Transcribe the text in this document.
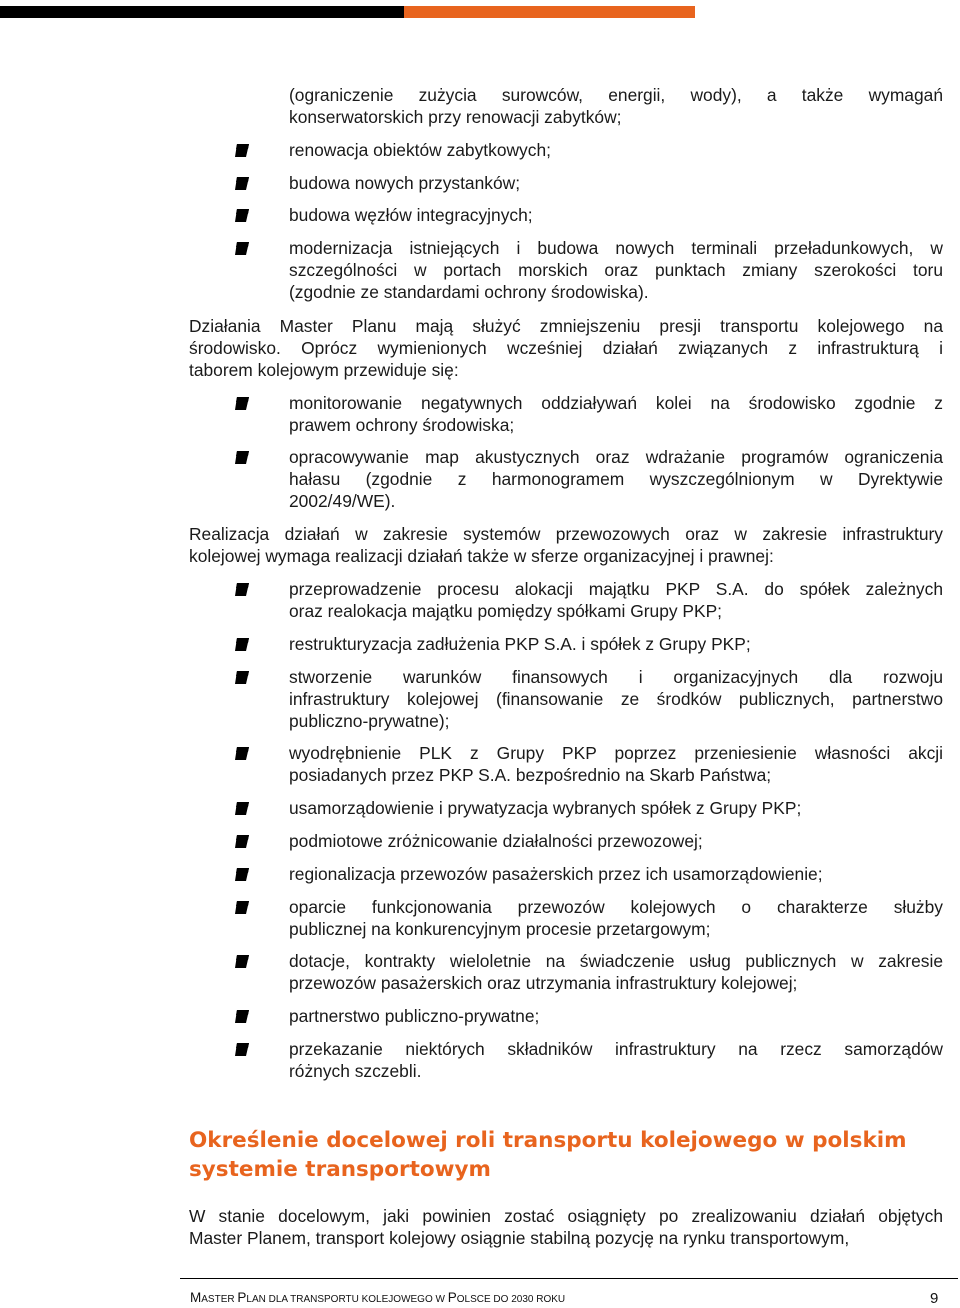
(ograniczenie zużycia surowców, energii, wody), a także wymagań
konserwatorskich przy renowacji zabytków;
renowacja obiektów zabytkowych;
budowa nowych przystanków;
budowa węzłów integracyjnych;
modernizacja istniejących i budowa nowych terminali przeładunkowych, w
szczególności w portach morskich oraz punktach zmiany szerokości toru
(zgodnie ze standardami ochrony środowiska).
Działania Master Planu mają służyć zmniejszeniu presji transportu kolejowego na
środowisko. Oprócz wymienionych wcześniej działań związanych z infrastrukturą i
taborem kolejowym przewiduje się:
monitorowanie negatywnych oddziaływań kolei na środowisko zgodnie z
prawem ochrony środowiska;
opracowywanie map akustycznych oraz wdrażanie programów ograniczenia
hałasu (zgodnie z harmonogramem wyszczególnionym w Dyrektywie
2002/49/WE).
Realizacja działań w zakresie systemów przewozowych oraz w zakresie infrastruktury
kolejowej wymaga realizacji działań także w sferze organizacyjnej i prawnej:
przeprowadzenie procesu alokacji majątku PKP S.A. do spółek zależnych
oraz realokacja majątku pomiędzy spółkami Grupy PKP;
restrukturyzacja zadłużenia PKP S.A. i spółek z Grupy PKP;
stworzenie warunków finansowych i organizacyjnych dla rozwoju
infrastruktury kolejowej (finansowanie ze środków publicznych, partnerstwo
publiczno-prywatne);
wyodrębnienie PLK z Grupy PKP poprzez przeniesienie własności akcji
posiadanych przez PKP S.A. bezpośrednio na Skarb Państwa;
usamorządowienie i prywatyzacja wybranych spółek z Grupy PKP;
podmiotowe zróżnicowanie działalności przewozowej;
regionalizacja przewozów pasażerskich przez ich usamorządowienie;
oparcie funkcjonowania przewozów kolejowych o charakterze służby
publicznej na konkurencyjnym procesie przetargowym;
dotacje, kontrakty wieloletnie na świadczenie usług publicznych w zakresie
przewozów pasażerskich oraz utrzymania infrastruktury kolejowej;
partnerstwo publiczno-prywatne;
przekazanie niektórych składników infrastruktury na rzecz samorządów
różnych szczebli.
W stanie docelowym, jaki powinien zostać osiągnięty po zrealizowaniu działań objętych
Master Planem, transport kolejowy osiągnie stabilną pozycję na rynku transportowym,
Określenie docelowej roli transportu kolejowego w polskim
systemie transportowym
MASTER PLAN DLA TRANSPORTU KOLEJOWEGO W POLSCE DO 2030 ROKU	9
